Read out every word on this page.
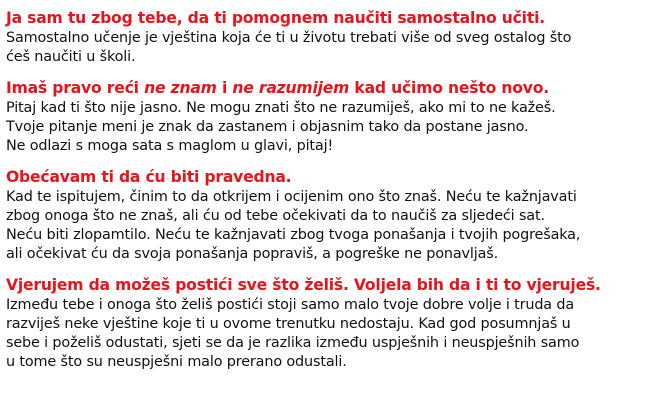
Ja sam tu zbog tebe, da ti pomognem naučiti samostalno učiti.
Samostalno učenje je vještina koja će ti u životu trebati više od sveg ostalog što
ćeš naučiti u školi.
Imaš pravo reći ne znam i ne razumijem kad učimo nešto novo.
Pitaj kad ti što nije jasno. Ne mogu znati što ne razumiješ, ako mi to ne kažeš.
Tvoje pitanje meni je znak da zastanem i objasnim tako da postane jasno.
Ne odlazi s moga sata s maglom u glavi, pitaj!
Obećavam ti da ću biti pravedna.
Kad te ispitujem, činim to da otkrijem i ocijenim ono što znaš. Neću te kažnjavati
zbog onoga što ne znaš, ali ću od tebe očekivati da to naučiš za sljedeći sat.
Neću biti zlopamtilo. Neću te kažnjavati zbog tvoga ponašanja i tvojih pogrešaka,
ali očekivat ću da svoja ponašanja popraviš, a pogreške ne ponavljaš.
Vjerujem da možeš postići sve što želiš. Voljela bih da i ti to vjeruješ.
Između tebe i onoga što želiš postići stoji samo malo tvoje dobre volje i truda da
razviješ neke vještine koje ti u ovome trenutku nedostaju. Kad god posumnjaš u
sebe i poželiš odustati, sjeti se da je razlika između uspješnih i neuspješnih samo
u tome što su neuspješni malo prerano odustali.
